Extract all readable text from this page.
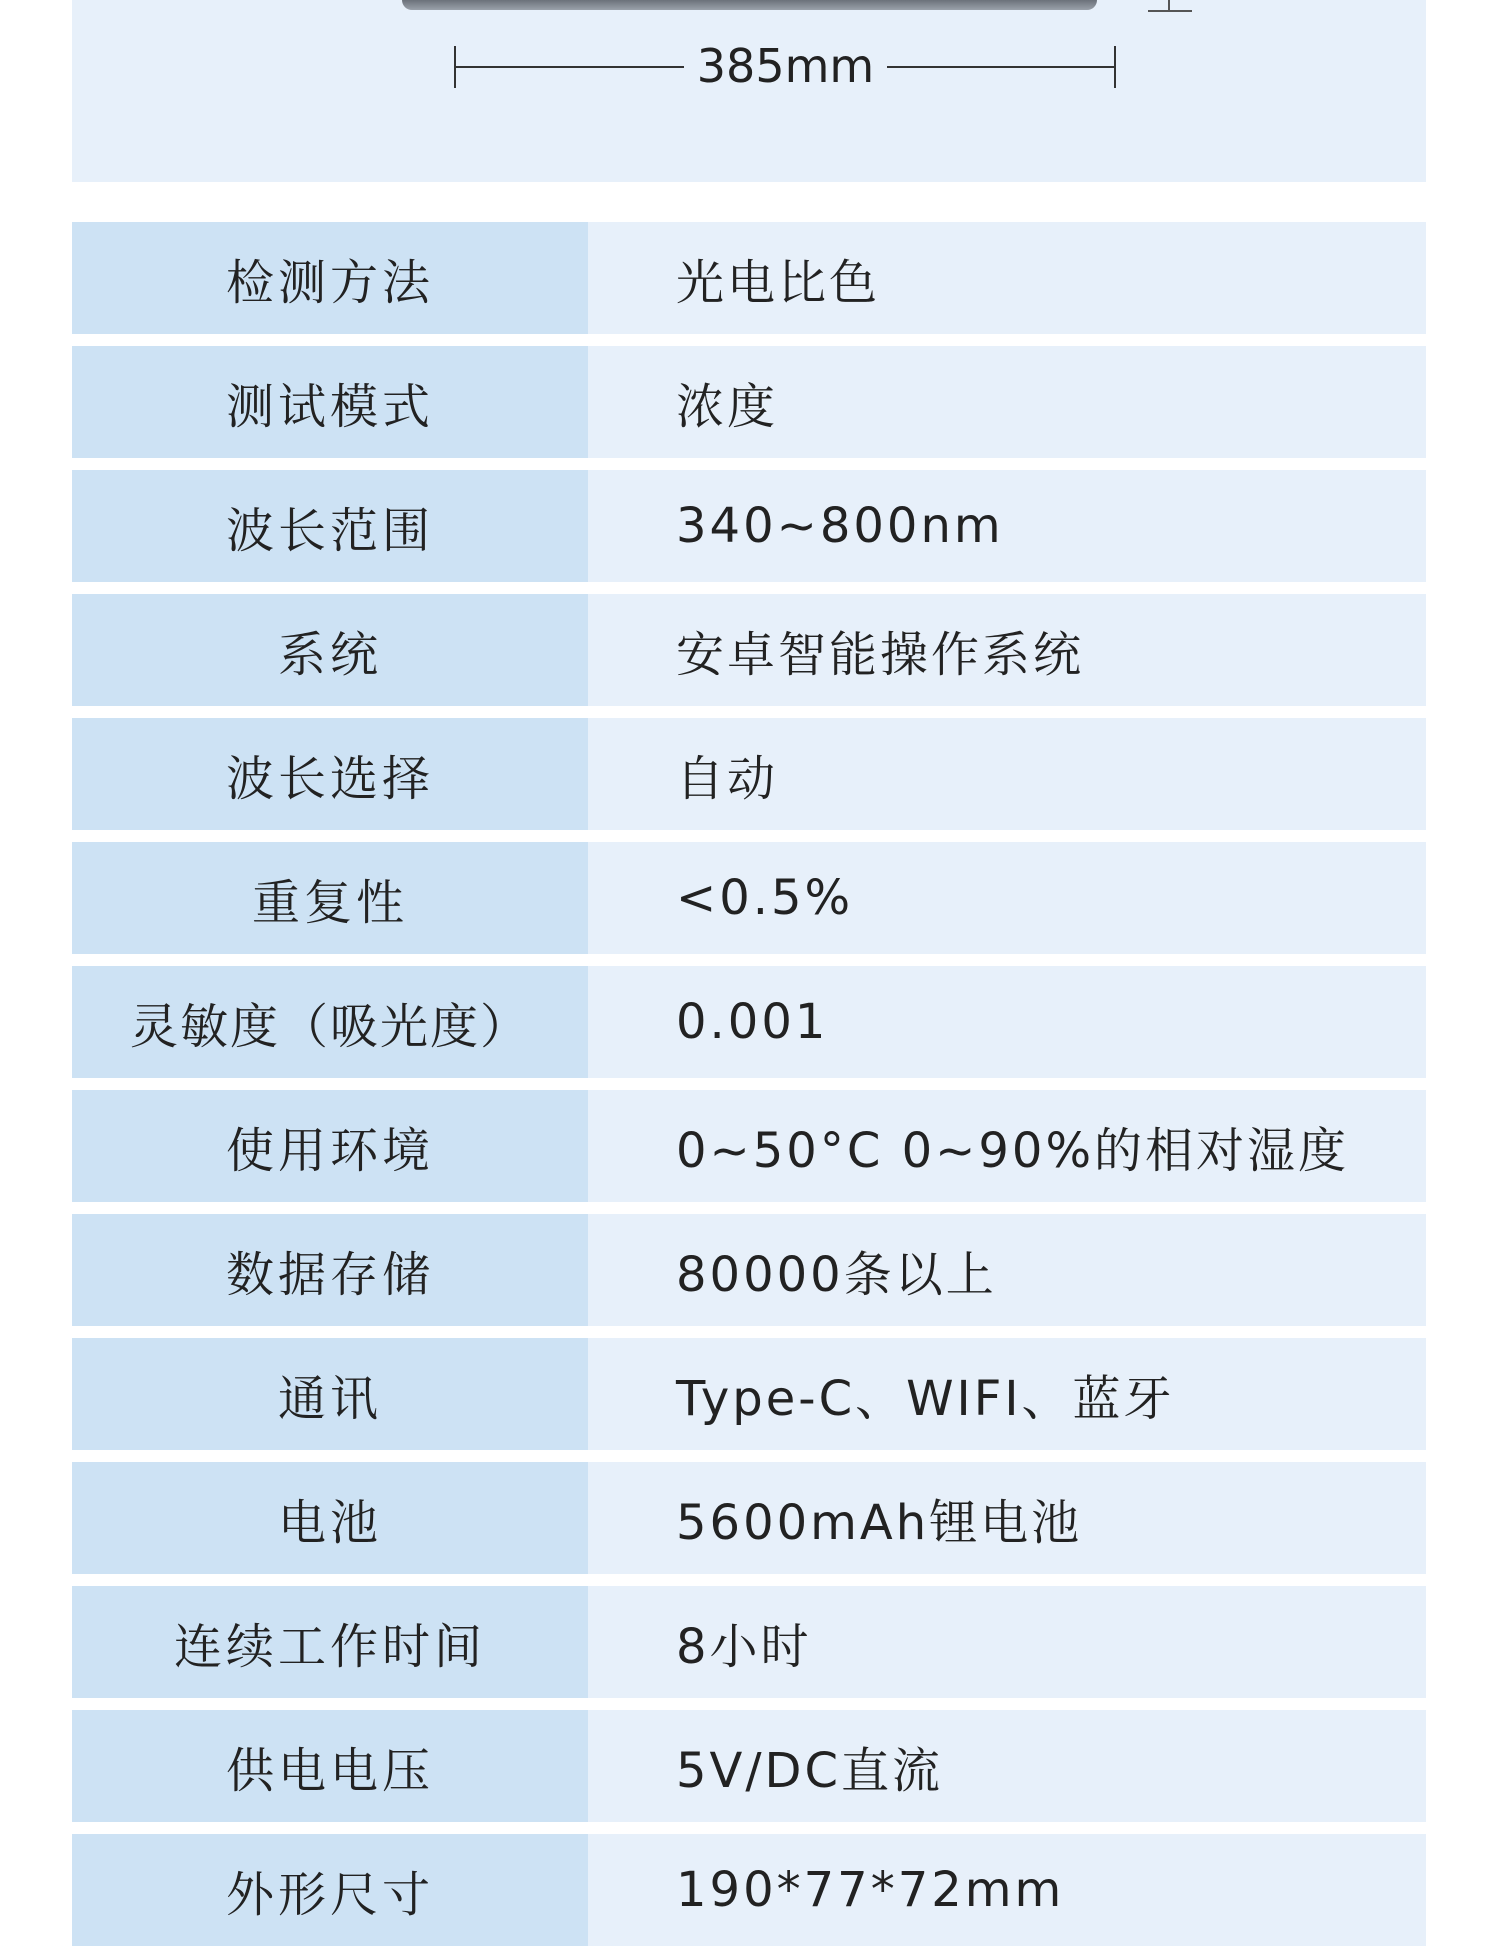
385mm
检测方法	光电比色
测试模式	浓度
波长范围	340~800nm
系统	安卓智能操作系统
波长选择	自动
重复性	<0.5%
灵敏度（吸光度）	0.001
使用环境	0~50°C 0~90%的相对湿度
数据存储	80000条以上
通讯	Type-C、WIFI、蓝牙
电池	5600mAh锂电池
连续工作时间	8小时
供电电压	5V/DC直流
外形尺寸	190*77*72mm
